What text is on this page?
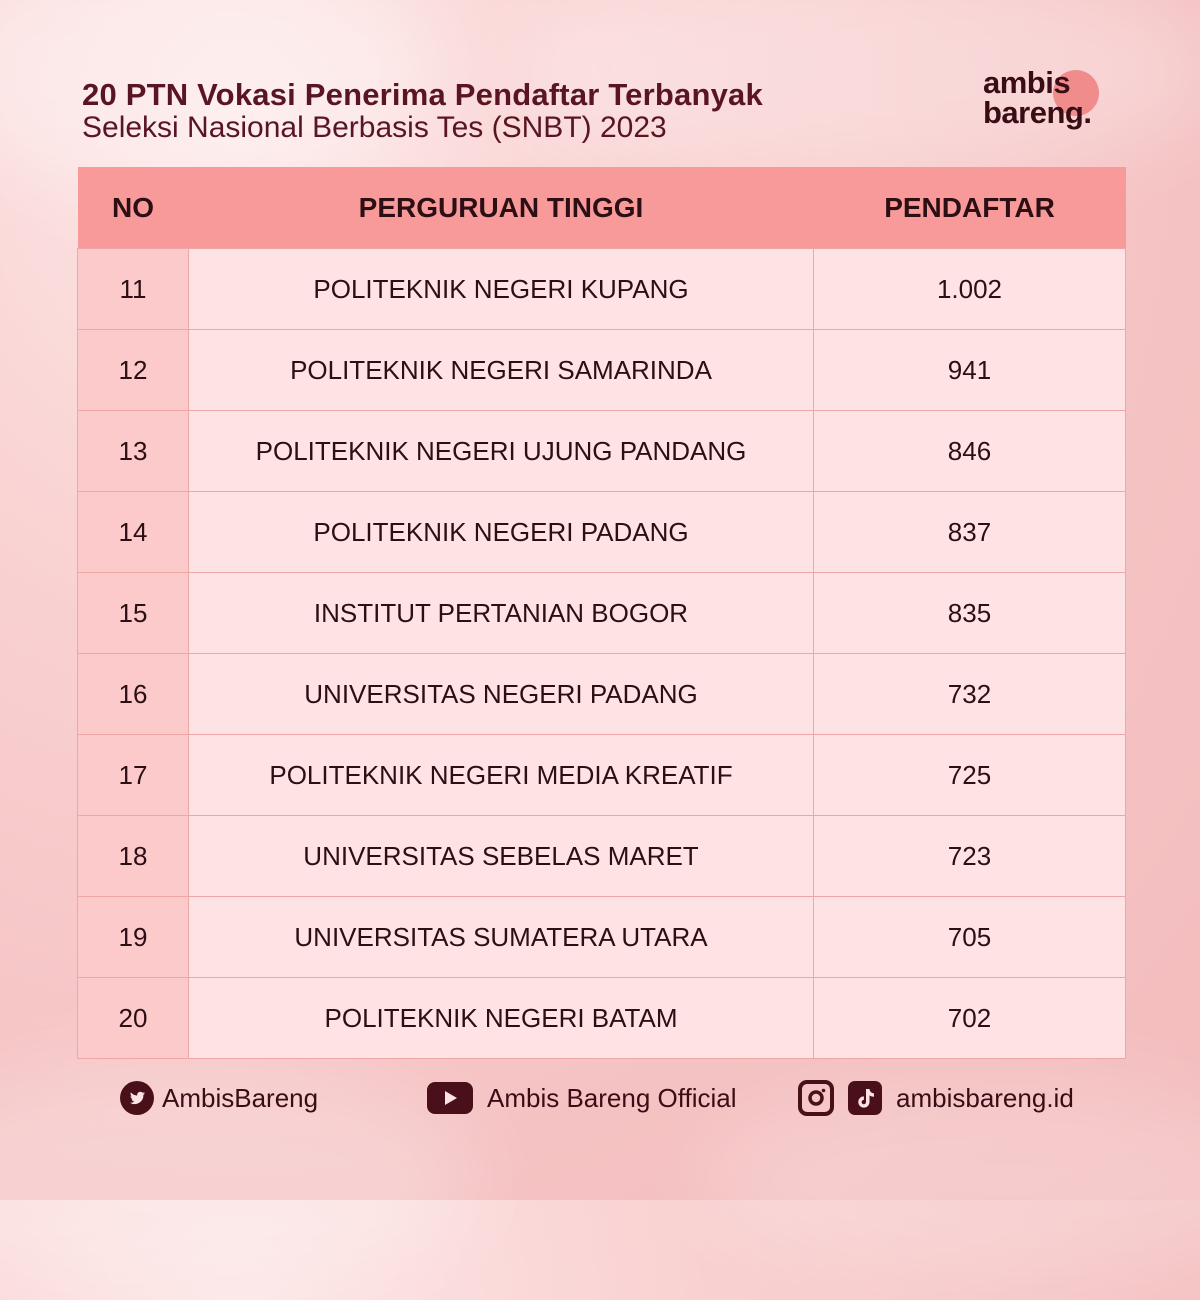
20 PTN Vokasi Penerima Pendaftar Terbanyak
Seleksi Nasional Berbasis Tes (SNBT) 2023
ambis
bareng.
NO	PERGURUAN TINGGI	PENDAFTAR
11	POLITEKNIK NEGERI KUPANG	1.002
12	POLITEKNIK NEGERI SAMARINDA	941
13	POLITEKNIK NEGERI UJUNG PANDANG	846
14	POLITEKNIK NEGERI PADANG	837
15	INSTITUT PERTANIAN BOGOR	835
16	UNIVERSITAS NEGERI PADANG	732
17	POLITEKNIK NEGERI MEDIA KREATIF	725
18	UNIVERSITAS SEBELAS MARET	723
19	UNIVERSITAS SUMATERA UTARA	705
20	POLITEKNIK NEGERI BATAM	702
AmbisBareng	Ambis Bareng Official	ambisbareng.id
